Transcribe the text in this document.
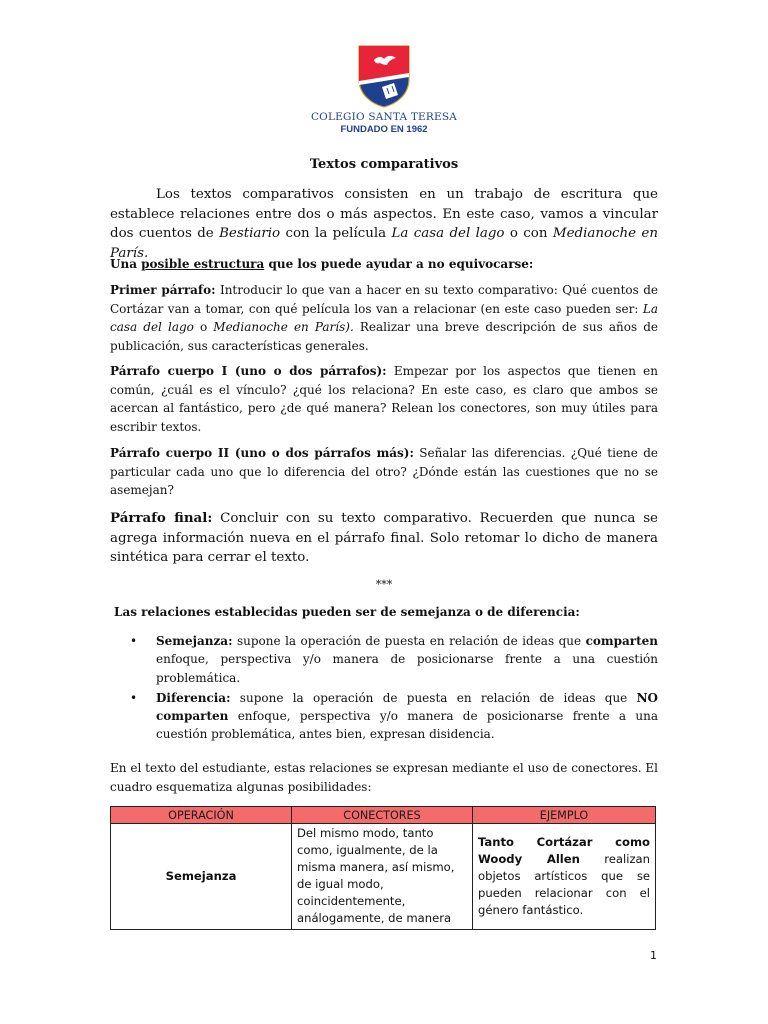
COLEGIO SANTA TERESA
FUNDADO EN 1962
Textos comparativos

Los textos comparativos consisten en un trabajo de escritura que establece relaciones entre dos o más aspectos. En este caso, vamos a vincular dos cuentos de Bestiario con la película La casa del lago o con Medianoche en París.

Una posible estructura que los puede ayudar a no equivocarse:

Primer párrafo: Introducir lo que van a hacer en su texto comparativo: Qué cuentos de Cortázar van a tomar, con qué película los van a relacionar (en este caso pueden ser: La casa del lago o Medianoche en París). Realizar una breve descripción de sus años de publicación, sus características generales.

Párrafo cuerpo I (uno o dos párrafos): Empezar por los aspectos que tienen en común, ¿cuál es el vínculo? ¿qué los relaciona? En este caso, es claro que ambos se acercan al fantástico, pero ¿de qué manera? Relean los conectores, son muy útiles para escribir textos.

Párrafo cuerpo II (uno o dos párrafos más): Señalar las diferencias. ¿Qué tiene de particular cada uno que lo diferencia del otro? ¿Dónde están las cuestiones que no se asemejan?

Párrafo final: Concluir con su texto comparativo. Recuerden que nunca se agrega información nueva en el párrafo final. Solo retomar lo dicho de manera sintética para cerrar el texto.

***

Las relaciones establecidas pueden ser de semejanza o de diferencia:

• Semejanza: supone la operación de puesta en relación de ideas que comparten enfoque, perspectiva y/o manera de posicionarse frente a una cuestión problemática.
• Diferencia: supone la operación de puesta en relación de ideas que NO comparten enfoque, perspectiva y/o manera de posicionarse frente a una cuestión problemática, antes bien, expresan disidencia.

En el texto del estudiante, estas relaciones se expresan mediante el uso de conectores. El cuadro esquematiza algunas posibilidades:

OPERACIÓN	CONECTORES	EJEMPLO
Semejanza	Del mismo modo, tanto como, igualmente, de la misma manera, así mismo, de igual modo, coincidentemente, análogamente, de manera	Tanto Cortázar como Woody Allen realizan objetos artísticos que se pueden relacionar con el género fantástico.
1
